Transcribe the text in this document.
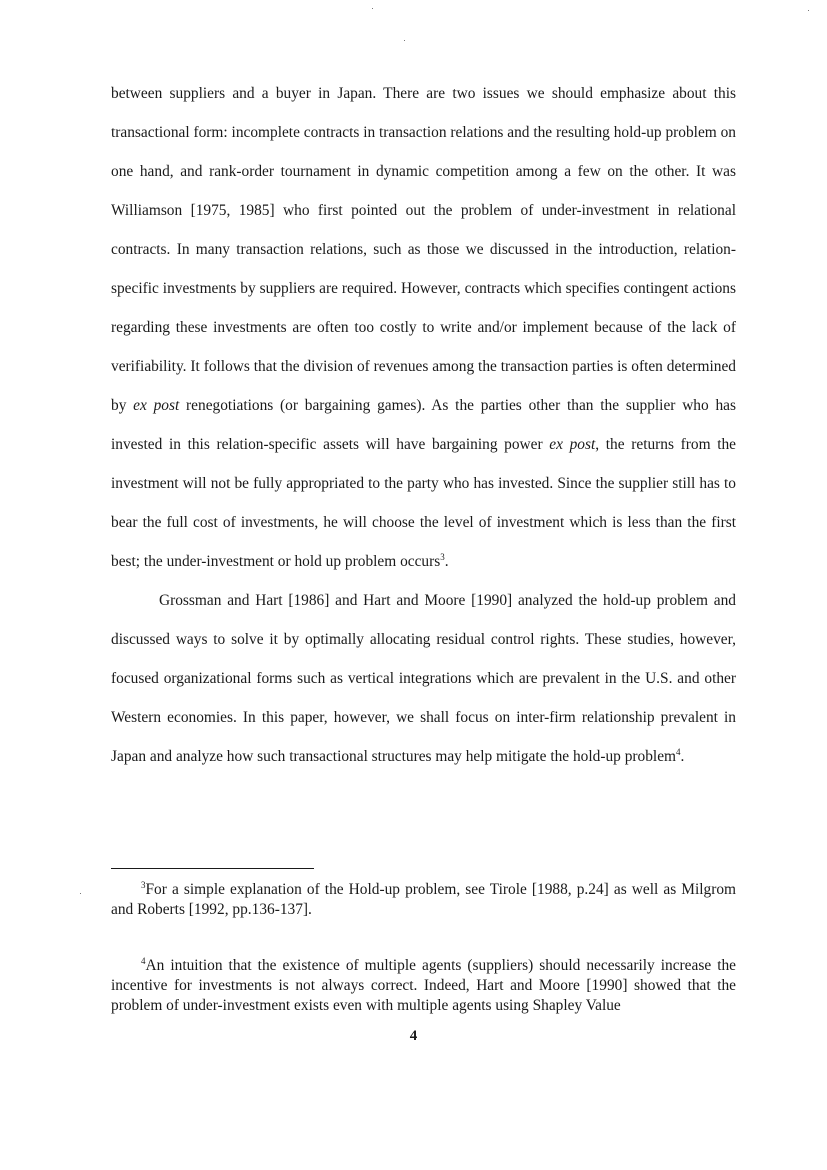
between suppliers and a buyer in Japan. There are two issues we should emphasize about this transactional form: incomplete contracts in transaction relations and the resulting hold-up problem on one hand, and rank-order tournament in dynamic competition among a few on the other. It was Williamson [1975, 1985] who first pointed out the problem of under-investment in relational contracts. In many transaction relations, such as those we discussed in the introduction, relation-specific investments by suppliers are required. However, contracts which specifies contingent actions regarding these investments are often too costly to write and/or implement because of the lack of verifiability. It follows that the division of revenues among the transaction parties is often determined by ex post renegotiations (or bargaining games). As the parties other than the supplier who has invested in this relation-specific assets will have bargaining power ex post, the returns from the investment will not be fully appropriated to the party who has invested. Since the supplier still has to bear the full cost of investments, he will choose the level of investment which is less than the first best; the under-investment or hold up problem occurs$^3$.

Grossman and Hart [1986] and Hart and Moore [1990] analyzed the hold-up problem and discussed ways to solve it by optimally allocating residual control rights. These studies, however, focused organizational forms such as vertical integrations which are prevalent in the U.S. and other Western economies. In this paper, however, we shall focus on inter-firm relationship prevalent in Japan and analyze how such transactional structures may help mitigate the hold-up problem$^4$.

$^3$For a simple explanation of the Hold-up problem, see Tirole [1988, p.24] as well as Milgrom and Roberts [1992, pp.136-137].

$^4$An intuition that the existence of multiple agents (suppliers) should necessarily increase the incentive for investments is not always correct. Indeed, Hart and Moore [1990] showed that the problem of under-investment exists even with multiple agents using Shapley Value

4
